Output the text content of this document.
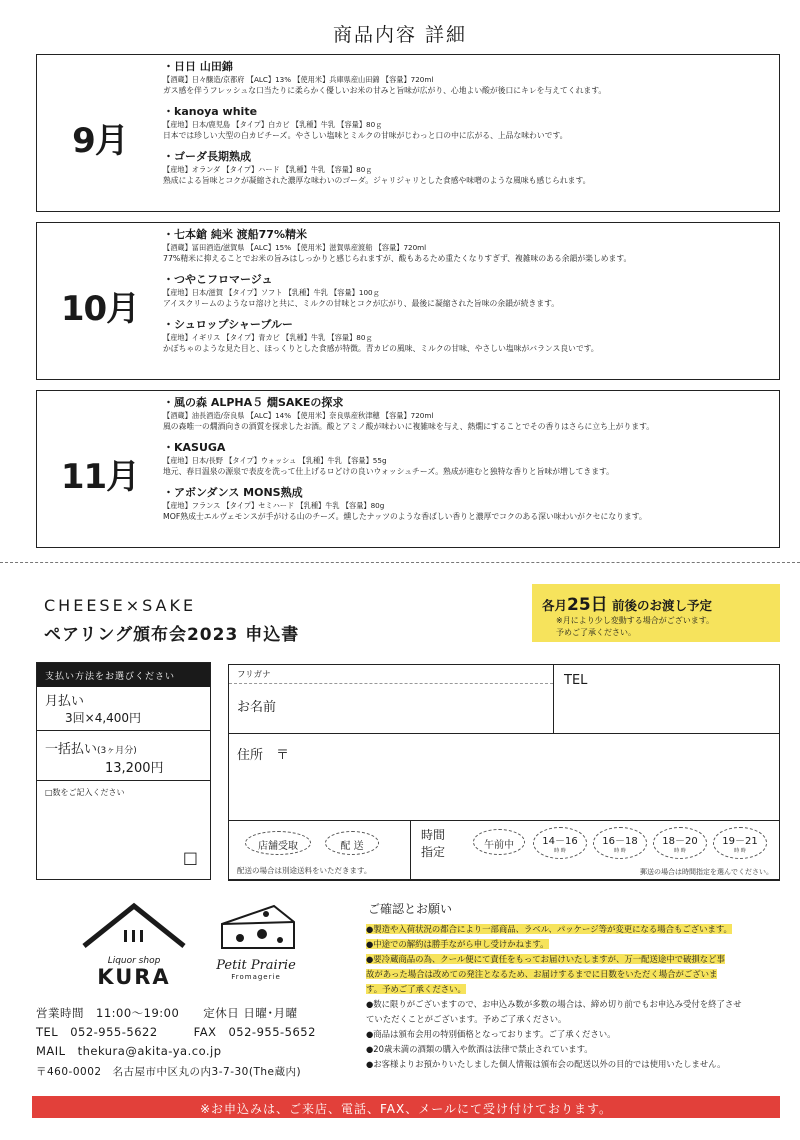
商品内容 詳細
9月
・日日 山田錦
【酒蔵】日々醸造/京都府 【ALC】13% 【使用米】兵庫県産山田錦 【容量】720ml
ガス感を伴うフレッシュな口当たりに柔らかく優しいお米の甘みと旨味が広がり、心地よい酸が後口にキレを与えてくれます。
・kanoya white
【産地】日本/鹿児島 【タイプ】白カビ 【乳種】牛乳 【容量】80ｇ
日本では珍しい大型の白カビチーズ。やさしい塩味とミルクの甘味がじわっと口の中に広がる、上品な味わいです。
・ゴーダ長期熟成
【産地】オランダ 【タイプ】ハード 【乳種】牛乳 【容量】80ｇ
熟成による旨味とコクが凝縮された濃厚な味わいのゴーダ。ジャリジャリとした食感や味噌のような風味も感じられます。
10月
・七本鎗 純米 渡船77%精米
【酒蔵】冨田酒造/滋賀県 【ALC】15% 【使用米】滋賀県産渡船 【容量】720ml
77%精米に抑えることでお米の旨みはしっかりと感じられますが、酸もあるため重たくなりすぎず、複雑味のある余韻が楽しめます。
・つやこフロマージュ
【産地】日本/滋賀 【タイプ】ソフト 【乳種】牛乳 【容量】100ｇ
アイスクリームのようなロ溶けと共に、ミルクの甘味とコクが広がり、最後に凝縮された旨味の余韻が続きます。
・シュロップシャーブルー
【産地】イギリス 【タイプ】青カビ 【乳種】牛乳 【容量】80ｇ
かぼちゃのような見た目と、ほっくりとした食感が特徴。青カビの風味、ミルクの甘味、やさしい塩味がバランス良いです。
11月
・風の森 ALPHA５ 燗SAKEの探求
【酒蔵】油長酒造/奈良県 【ALC】14% 【使用米】奈良県産秋津穂 【容量】720ml
風の森唯一の燗酒向きの酒質を探求したお酒。酸とアミノ酸が味わいに複雑味を与え、熱燗にすることでその香りはさらに立ち上がります。
・KASUGA
【産地】日本/長野 【タイプ】ウォッシュ 【乳種】牛乳 【容量】55g
地元、春日温泉の源泉で表皮を洗って仕上げるロどけの良いウォッシュチーズ。熟成が進むと独特な香りと旨味が増してきます。
・アボンダンス MONS熟成
【産地】フランス 【タイプ】セミハード 【乳種】牛乳 【容量】80g
MOF熟成士エルヴェモンスが手がける山のチーズ。燻したナッツのような香ばしい香りと濃厚でコクのある深い味わいがクセになります。
CHEESE×SAKE
ペアリング頒布会2023 申込書
各月25日 前後のお渡し予定
※月により少し変動する場合がございます。
予めご了承ください。
支払い方法をお選びください
月払い
3回×4,400円
一括払い(3ヶ月分)
13,200円
□数をご記入ください
□
フリガナ
お名前
TEL
住所　 〒
店舗受取	配 送
配送の場合は別途送料をいただきます。
時間
指定	午前中	14－16
時 時
16－18
時 時
18－20
時 時
19－21
時 時
郵送の場合は時間指定を選んでください。
Liquor shop
KURA	Petit Prairie
Fromagerie
営業時間　11:00～19:00　　定休日 日曜･月曜
TEL　052-955-5622　　　FAX　052-955-5652
MAIL　thekura@akita-ya.co.jp
〒460-0002　名古屋市中区丸の内3-7-30(The蔵内)
ご確認とお願い
●製造や入荷状況の都合により一部商品、ラベル、パッケージ等が変更になる場合もございます。
●中途での解約は勝手ながら申し受けかねます。
●要冷蔵商品の為、クール便にて責任をもってお届けいたしますが、万一配送途中で破損など事
故があった場合は改めての発注となるため、お届けするまでに日数をいただく場合がございま
す。予めご了承ください。
●数に限りがございますので、お申込み数が多数の場合は、締め切り前でもお申込み受付を終了させ
ていただくことがございます。予めご了承ください。
●商品は頒布会用の特別価格となっております。ご了承ください。
●20歳未満の酒類の購入や飲酒は法律で禁止されています。
●お客様よりお預かりいたしました個人情報は頒布会の配送以外の目的では使用いたしません。
※お申込みは、ご来店、電話、FAX、メールにて受け付けております。
